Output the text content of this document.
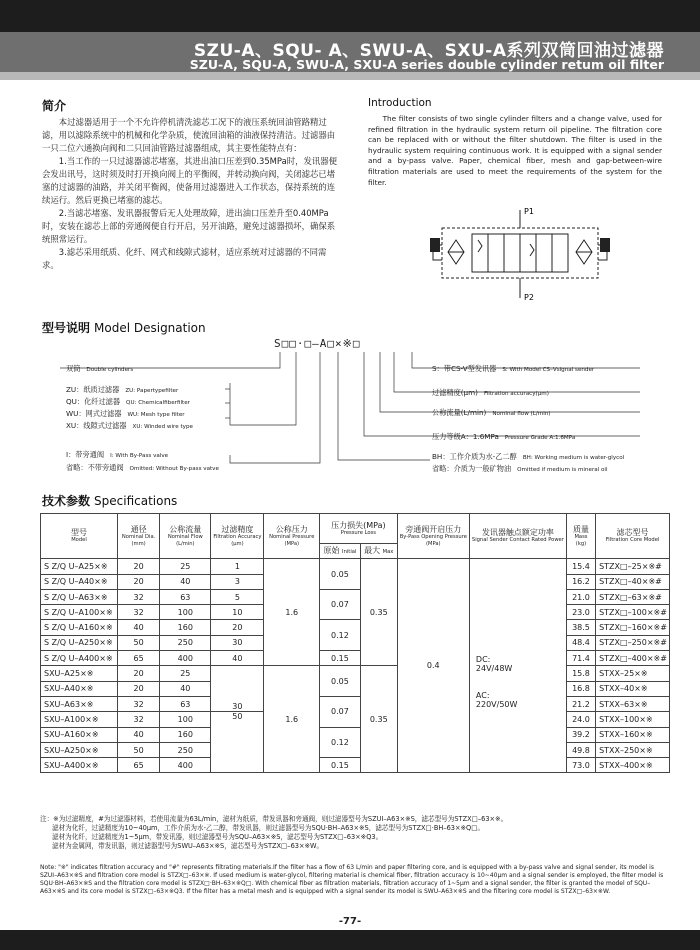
SZU-A、SQU- A、SWU-A、SXU-A系列双筒回油过滤器
SZU-A, SQU-A, SWU-A, SXU-A series double cylinder retum oil filter
简介

本过滤器适用于一个不允许停机清洗滤芯工况下的液压系统回油管路精过滤，用以滤除系统中的机械和化学杂质，使流回油箱的油液保持清洁。过滤器由一只二位六通换向阀和二只回油管路过滤器组成，其主要性能特点有：

1.当工作的一只过滤器滤芯堵塞，其进出油口压差到0.35MPa时，发讯器便会发出讯号，这时须及时打开换向阀上的平衡阀，并转动换向阀，关闭滤芯已堵塞的过滤器的油路，并关闭平衡阀，使备用过滤器进入工作状态，保持系统的连续运行。然后更换已堵塞的滤芯。

2.当滤芯堵塞、发讯器报警后无人处理故障，进出油口压差升至0.40MPa时，安装在滤芯上部的旁通阀便自行开启，另开油路，避免过滤器损坏，确保系统照常运行。

3.滤芯采用纸质、化纤、网式和线隙式滤材，适应系统对过滤器的不同需求。

Introduction
The filter consists of two single cylinder filters and a change valve, used for refined filtration in the hydraulic system return oil pipeline. The filtration core can be replaced with or without the filter shutdown. The filter is used in the hydraulic system requiring continuous work. It is equipped with a signal sender and a by-pass valve. Paper, chemical fiber, mesh and gap-between-wire filtration materials are used to meet the requirements of the system for the filter.
P1
P2
型号说明 Model Designation
S□□·□–A□×※□
双筒 Double cylinders
ZU：纸质过滤器 ZU: Papertypefilter
QU：化纤过滤器 QU: Chemicalfiberfilter
WU：网式过滤器 WU: Mesh type filter
XU：线隙式过滤器 XU: Winded wire type
I：带旁通阀 I: With By-Pass valve
省略：不带旁通阀 Omitted: Without By-pass vatve
S：带CS-V型发讯器 S: With Model CS–Vsignal sender
过滤精度(μm) Filtration accuracy(μm)
公称流量(L/min) Nominal flow (L/min)
压力等级A：1.6MPa Pressure Grade A:1.6MPa
BH：工作介质为水-乙二醇 BH: Working medium is water-glycol
省略：介质为一般矿物油 Omitted if medium is mineral oil
技术参数 Specifications
型号
Model	通径
Nominal Dia.
(mm)	公称流量
Nominal Flow
(L/min)	过滤精度
Filtration Accuracy
(μm)	公称压力
Nominal Pressure
(MPa)	压力损失(MPa)
Pressure Loss		旁通阀开启压力
By-Pass Opening Pressure
(MPa)	发讯器触点额定功率
Signal Sender Contact Rated Power	质量
Mass
(kg)	滤芯型号
Filtration Core Model

					原始 Initial	最大 Max				
S Z/Q U–A25×※	20	25	1	1.6	0.05	0.35	0.4	DC:
24V/48W
AC:
220V/50W	15.4	STZX□–25×※#
S Z/Q U–A40×※	20	40	3						16.2	STZX□–40×※#
S Z/Q U–A63×※	32	63	5		0.07				21.0	STZX□–63×※#
S Z/Q U–A100×※	32	100	10						23.0	STZX□–100×※#
S Z/Q U–A160×※	40	160	20		0.12				38.5	STZX□–160×※#
S Z/Q U–A250×※	50	250	30						48.4	STZX□–250×※#
S Z/Q U–A400×※	65	400	40		0.15				71.4	STZX□–400×※#
SXU–A25×※	20	25	30	1.6	0.05	0.35			15.8	STXX–25×※
SXU–A40×※	20	40							16.8	STXX–40×※
SXU–A63×※	32	63			0.07				21.2	STXX–63×※
SXU–A100×※	32	100	50						24.0	STXX–100×※
SXU–A160×※	40	160			0.12				39.2	STXX–160×※
SXU–A250×※	50	250							49.8	STXX–250×※
SXU–A400×※	65	400			0.15				73.0	STXX–400×※
注：※为过滤精度，#为过滤器材料，若使用流量为63L/min，滤材为纸质，带发讯器和旁通阀，则过滤器型号为SZUI–A63×※S，滤芯型号为STZX□–63×※。
滤材为化纤，过滤精度为10~40μm，工作介质为水-乙二醇，带发讯器，则过滤器型号为SQU·BH–A63×※S，滤芯型号为STZX□·BH–63×※Q□。
滤材为化纤，过滤精度为1~5μm，带发讯器，则过滤器型号为SQU–A63×※S，滤芯型号为STZX□–63×※Q3。
滤材为金属网，带发讯器，则过滤器型号为SWU–A63×※S，滤芯型号为STZX□–63×※W。
Note: "※" indicates filtration accuracy and "#" represents filtrating materials.If the filter has a flow of 63 L/min and paper filtering core, and is equipped with a by-pass valve and signal sender, its model is SZUI–A63×※S and filtration core model is STZX□–63×※. If used medium is water-glycol, filtering material is chemical fiber, filtration accuracy is 10~40μm and a signal sender is employed, the filter model is SQU·BH–A63×※S and the filtration core model is STZX□·BH–63×※Q□. With chemical fiber as filtration materials, filtration accuracy of 1~5μm and a signal sender, the filter is granted the model of SQU–A63×※S and its core model is STZX□–63×※Q3. If the filter has a metal mesh and is equipped with a signal sender its model is SWU–A63×※S and the filtering core model is STZX□–63×※W.
-77-
